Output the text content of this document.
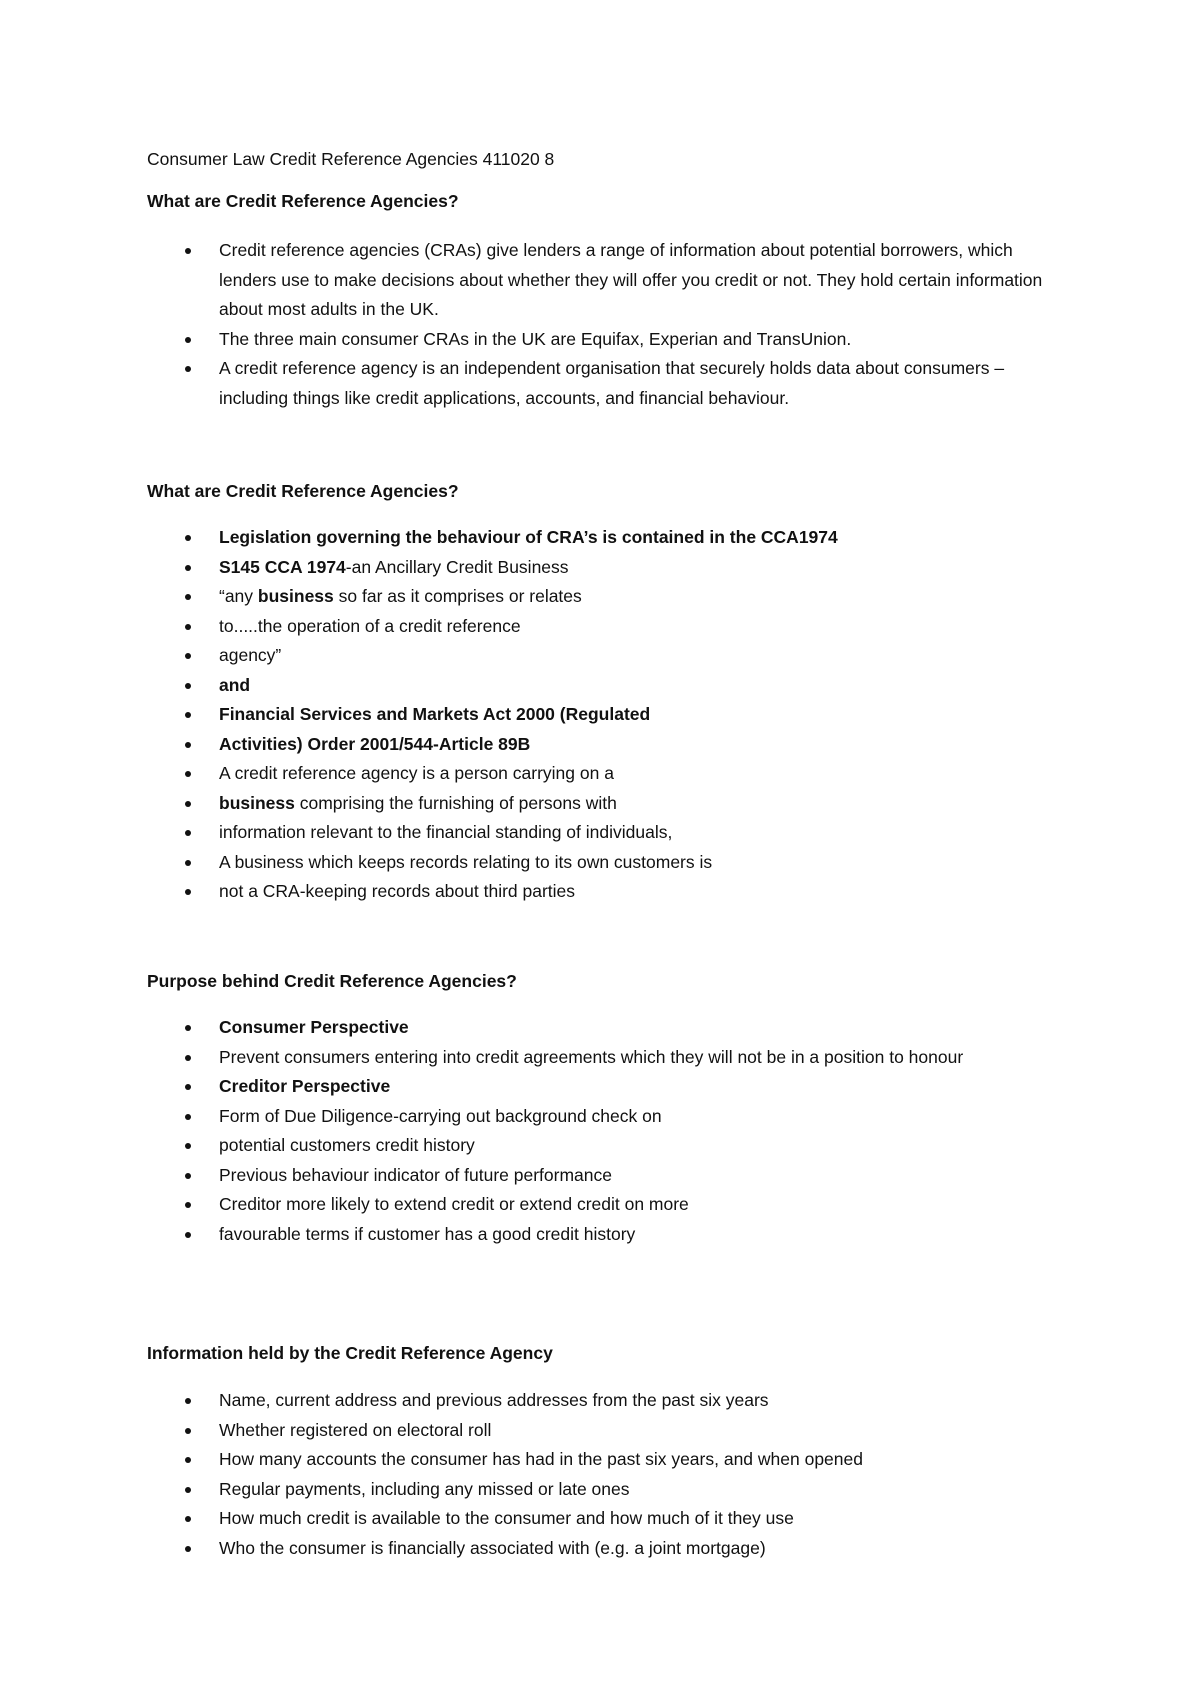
Consumer Law Credit Reference Agencies 411020 8
What are Credit Reference Agencies?
Credit reference agencies (CRAs) give lenders a range of information about potential borrowers, which lenders use to make decisions about whether they will offer you credit or not. They hold certain information about most adults in the UK.
The three main consumer CRAs in the UK are Equifax, Experian and TransUnion.
A credit reference agency is an independent organisation that securely holds data about consumers – including things like credit applications, accounts, and financial behaviour.
What are Credit Reference Agencies?
Legislation governing the behaviour of CRA’s is contained in the CCA1974
S145 CCA 1974-an Ancillary Credit Business
“any business so far as it comprises or relates
to.....the operation of a credit reference
agency”
and
Financial Services and Markets Act 2000 (Regulated
Activities) Order 2001/544-Article 89B
A credit reference agency is a person carrying on a
business comprising the furnishing of persons with
information relevant to the financial standing of individuals,
A business which keeps records relating to its own customers is
not a CRA-keeping records about third parties
Purpose behind Credit Reference Agencies?
Consumer Perspective
Prevent consumers entering into credit agreements which they will not be in a position to honour
Creditor Perspective
Form of Due Diligence-carrying out background check on
potential customers credit history
Previous behaviour indicator of future performance
Creditor more likely to extend credit or extend credit on more
favourable terms if customer has a good credit history
Information held by the Credit Reference Agency
Name, current address and previous addresses from the past six years
Whether registered on electoral roll
How many accounts the consumer has had in the past six years, and when opened
Regular payments, including any missed or late ones
How much credit is available to the consumer and how much of it they use
Who the consumer is financially associated with (e.g. a joint mortgage)
